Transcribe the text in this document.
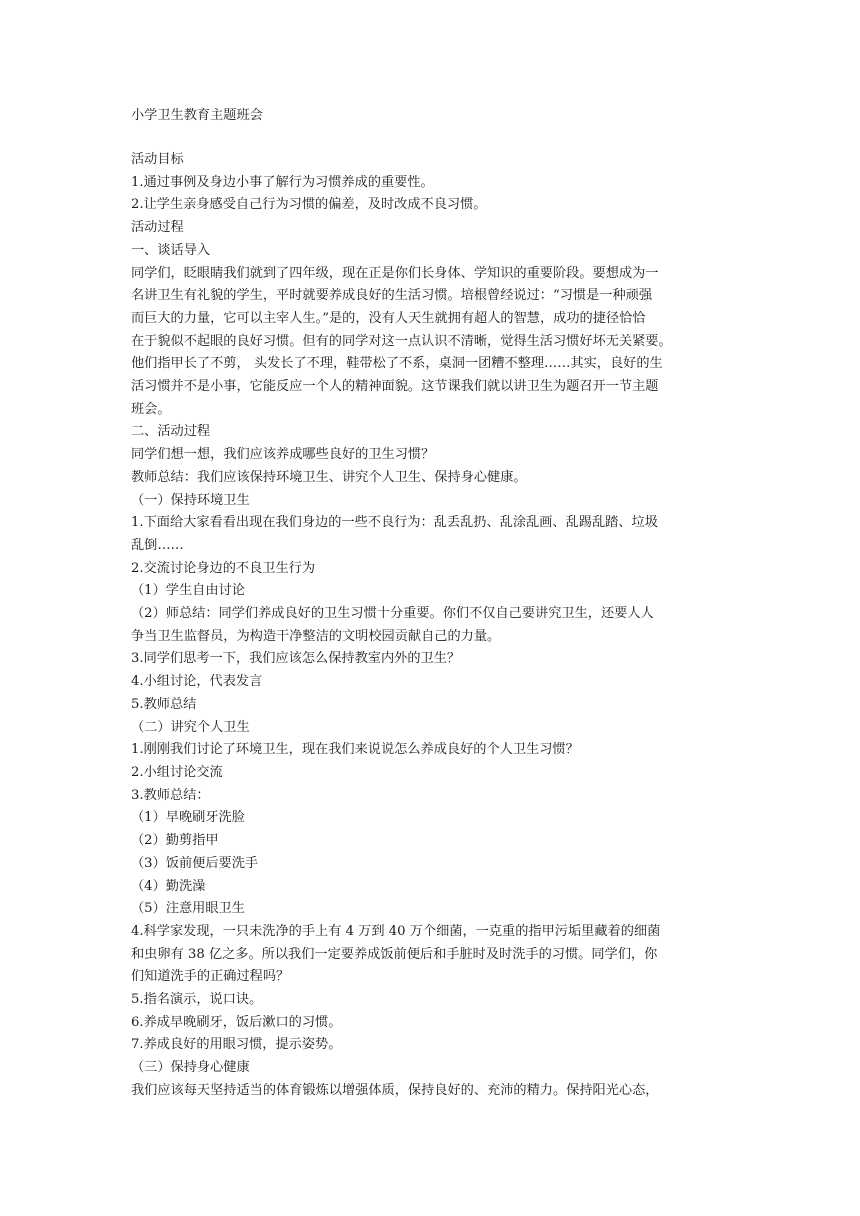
小学卫生教育主题班会
活动目标
1.通过事例及身边小事了解行为习惯养成的重要性。
2.让学生亲身感受自己行为习惯的偏差，及时改成不良习惯。
活动过程
一、谈话导入
同学们，眨眼睛我们就到了四年级，现在正是你们长身体、学知识的重要阶段。要想成为一
名讲卫生有礼貌的学生，平时就要养成良好的生活习惯。培根曾经说过：“习惯是一种顽强
而巨大的力量，它可以主宰人生。”是的，没有人天生就拥有超人的智慧，成功的捷径恰恰
在于貌似不起眼的良好习惯。但有的同学对这一点认识不清晰，觉得生活习惯好坏无关紧要。
他们指甲长了不剪， 头发长了不理，鞋带松了不系，桌洞一团糟不整理……其实，良好的生
活习惯并不是小事，它能反应一个人的精神面貌。这节课我们就以讲卫生为题召开一节主题
班会。
二、活动过程
同学们想一想，我们应该养成哪些良好的卫生习惯？
教师总结：我们应该保持环境卫生、讲究个人卫生、保持身心健康。
（一）保持环境卫生
1.下面给大家看看出现在我们身边的一些不良行为：乱丢乱扔、乱涂乱画、乱踢乱踏、垃圾
乱倒……
2.交流讨论身边的不良卫生行为
（1）学生自由讨论
（2）师总结：同学们养成良好的卫生习惯十分重要。你们不仅自己要讲究卫生，还要人人
争当卫生监督员，为构造干净整洁的文明校园贡献自己的力量。
3.同学们思考一下，我们应该怎么保持教室内外的卫生？
4.小组讨论，代表发言
5.教师总结
（二）讲究个人卫生
1.刚刚我们讨论了环境卫生，现在我们来说说怎么养成良好的个人卫生习惯？
2.小组讨论交流
3.教师总结：
（1）早晚刷牙洗脸
（2）勤剪指甲
（3）饭前便后要洗手
（4）勤洗澡
（5）注意用眼卫生
4.科学家发现，一只未洗净的手上有 4 万到 40 万个细菌，一克重的指甲污垢里藏着的细菌
和虫卵有 38 亿之多。所以我们一定要养成饭前便后和手脏时及时洗手的习惯。同学们，你
们知道洗手的正确过程吗？
5.指名演示，说口诀。
6.养成早晚刷牙，饭后漱口的习惯。
7.养成良好的用眼习惯，提示姿势。
（三）保持身心健康
我们应该每天坚持适当的体育锻炼以增强体质，保持良好的、充沛的精力。保持阳光心态，
